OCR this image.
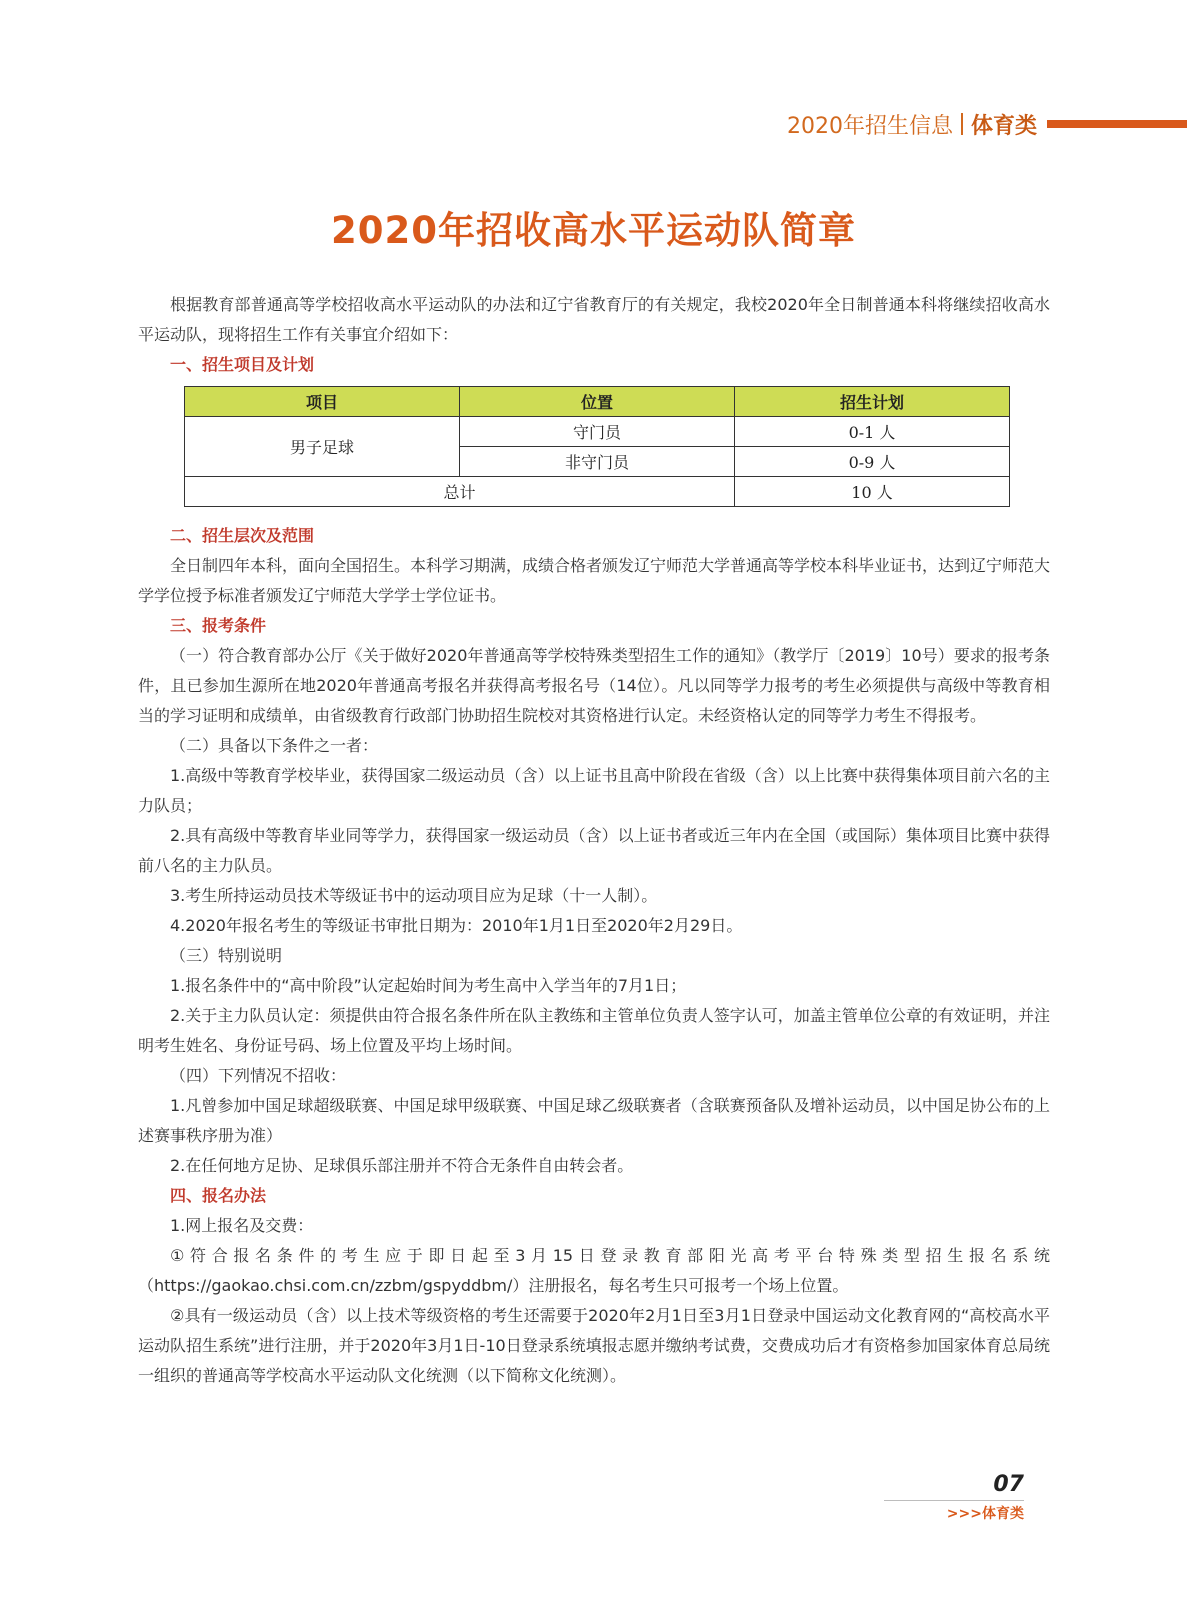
2020年招生信息 体育类
2020年招收高水平运动队简章

根据教育部普通高等学校招收高水平运动队的办法和辽宁省教育厅的有关规定，我校2020年全日制普通本科将继续招收高水平运动队，现将招生工作有关事宜介绍如下：

一、招生项目及计划

项目	位置	招生计划
男子足球	守门员	0-1 人
	非守门员	0-9 人
总计		10 人

二、招生层次及范围

全日制四年本科，面向全国招生。本科学习期满，成绩合格者颁发辽宁师范大学普通高等学校本科毕业证书，达到辽宁师范大学学位授予标准者颁发辽宁师范大学学士学位证书。

三、报考条件

（一）符合教育部办公厅《关于做好2020年普通高等学校特殊类型招生工作的通知》（教学厅〔2019〕10号）要求的报考条件，且已参加生源所在地2020年普通高考报名并获得高考报名号（14位）。凡以同等学力报考的考生必须提供与高级中等教育相当的学习证明和成绩单，由省级教育行政部门协助招生院校对其资格进行认定。未经资格认定的同等学力考生不得报考。

（二）具备以下条件之一者：

1.高级中等教育学校毕业，获得国家二级运动员（含）以上证书且高中阶段在省级（含）以上比赛中获得集体项目前六名的主力队员；

2.具有高级中等教育毕业同等学力，获得国家一级运动员（含）以上证书者或近三年内在全国（或国际）集体项目比赛中获得前八名的主力队员。

3.考生所持运动员技术等级证书中的运动项目应为足球（十一人制）。

4.2020年报名考生的等级证书审批日期为：2010年1月1日至2020年2月29日。

（三）特别说明

1.报名条件中的“高中阶段”认定起始时间为考生高中入学当年的7月1日；

2.关于主力队员认定：须提供由符合报名条件所在队主教练和主管单位负责人签字认可，加盖主管单位公章的有效证明，并注明考生姓名、身份证号码、场上位置及平均上场时间。

（四）下列情况不招收：

1.凡曾参加中国足球超级联赛、中国足球甲级联赛、中国足球乙级联赛者（含联赛预备队及增补运动员，以中国足协公布的上述赛事秩序册为准）

2.在任何地方足协、足球俱乐部注册并不符合无条件自由转会者。

四、报名办法

1.网上报名及交费：

①符合报名条件的考生应于即日起至3月15日登录教育部阳光高考平台特殊类型招生报名系统（https://gaokao.chsi.com.cn/zzbm/gspyddbm/）注册报名，每名考生只可报考一个场上位置。

②具有一级运动员（含）以上技术等级资格的考生还需要于2020年2月1日至3月1日登录中国运动文化教育网的“高校高水平运动队招生系统”进行注册，并于2020年3月1日-10日登录系统填报志愿并缴纳考试费，交费成功后才有资格参加国家体育总局统一组织的普通高等学校高水平运动队文化统测（以下简称文化统测）。

07
>>>体育类
